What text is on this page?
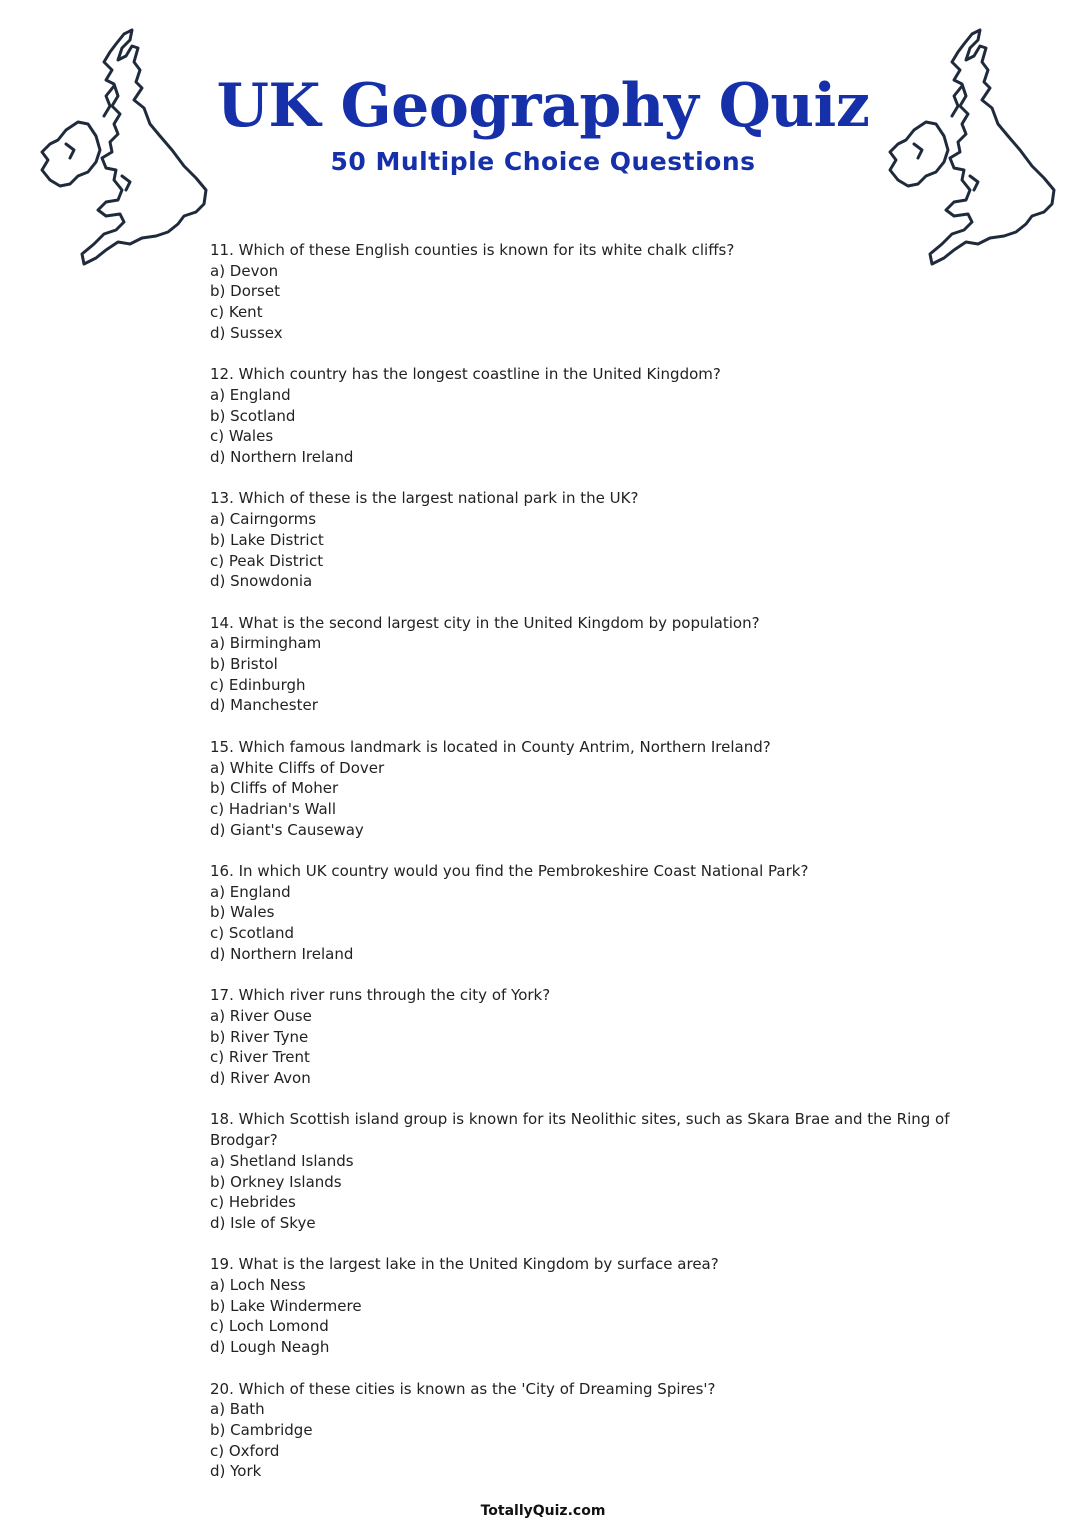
UK Geography Quiz
50 Multiple Choice Questions
11. Which of these English counties is known for its white chalk cliffs?
a) Devon
b) Dorset
c) Kent
d) Sussex
12. Which country has the longest coastline in the United Kingdom?
a) England
b) Scotland
c) Wales
d) Northern Ireland
13. Which of these is the largest national park in the UK?
a) Cairngorms
b) Lake District
c) Peak District
d) Snowdonia
14. What is the second largest city in the United Kingdom by population?
a) Birmingham
b) Bristol
c) Edinburgh
d) Manchester
15. Which famous landmark is located in County Antrim, Northern Ireland?
a) White Cliffs of Dover
b) Cliffs of Moher
c) Hadrian's Wall
d) Giant's Causeway
16. In which UK country would you find the Pembrokeshire Coast National Park?
a) England
b) Wales
c) Scotland
d) Northern Ireland
17. Which river runs through the city of York?
a) River Ouse
b) River Tyne
c) River Trent
d) River Avon
18. Which Scottish island group is known for its Neolithic sites, such as Skara Brae and the Ring of Brodgar?
a) Shetland Islands
b) Orkney Islands
c) Hebrides
d) Isle of Skye
19. What is the largest lake in the United Kingdom by surface area?
a) Loch Ness
b) Lake Windermere
c) Loch Lomond
d) Lough Neagh
20. Which of these cities is known as the 'City of Dreaming Spires'?
a) Bath
b) Cambridge
c) Oxford
d) York
TotallyQuiz.com
